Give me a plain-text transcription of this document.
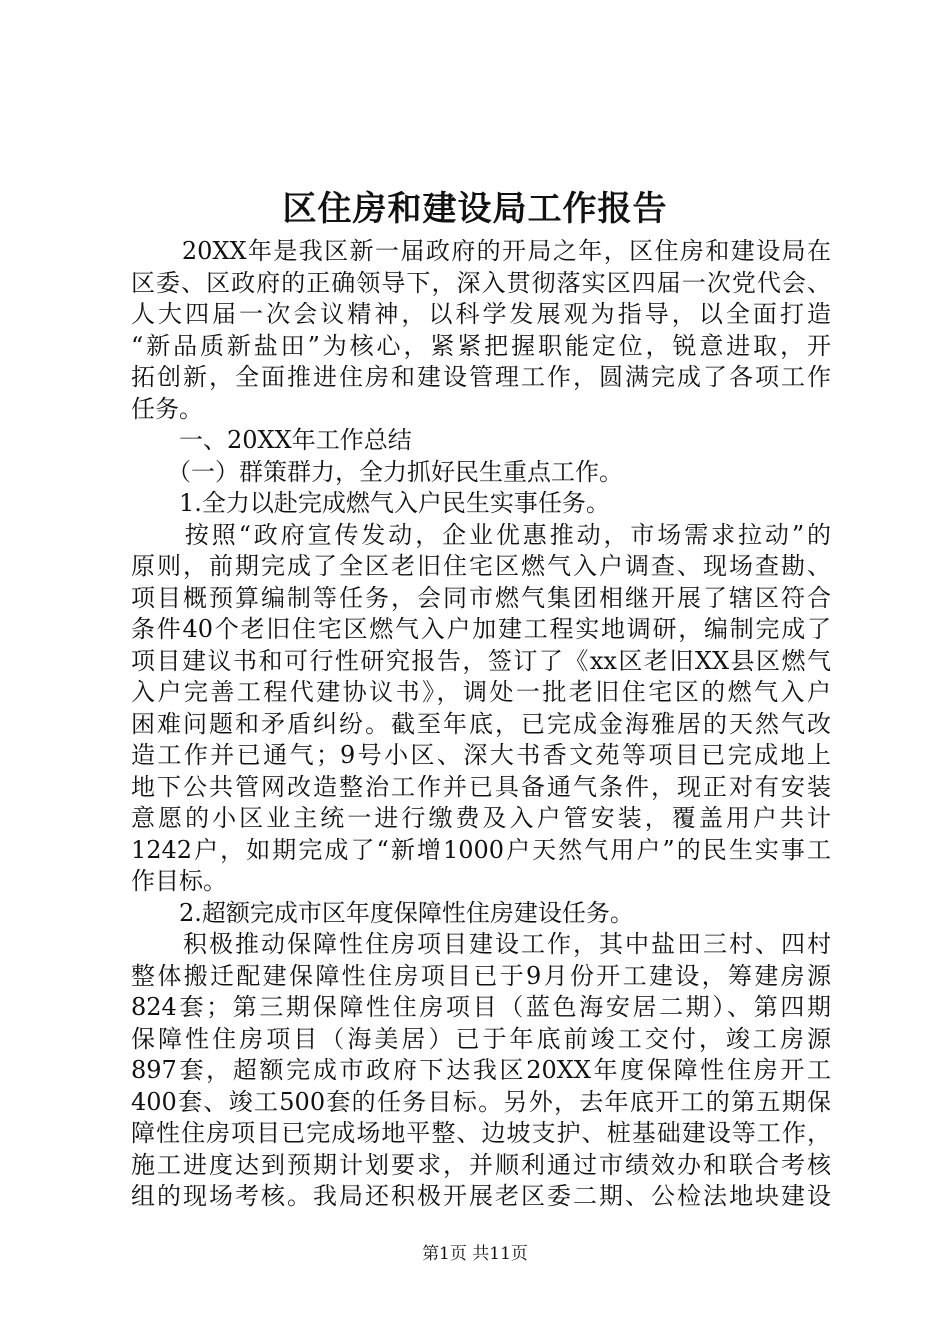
区住房和建设局工作报告
　　20XX年是我区新一届政府的开局之年，区住房和建设局在
区委、区政府的正确领导下，深入贯彻落实区四届一次党代会、
人大四届一次会议精神，以科学发展观为指导，以全面打造
“新品质新盐田”为核心，紧紧把握职能定位，锐意进取，开
拓创新，全面推进住房和建设管理工作，圆满完成了各项工作
任务。
　　一、20XX年工作总结
　　（一）群策群力，全力抓好民生重点工作。
　　1.全力以赴完成燃气入户民生实事任务。
　　按照“政府宣传发动，企业优惠推动，市场需求拉动”的
原则，前期完成了全区老旧住宅区燃气入户调查、现场查勘、
项目概预算编制等任务，会同市燃气集团相继开展了辖区符合
条件40个老旧住宅区燃气入户加建工程实地调研，编制完成了
项目建议书和可行性研究报告，签订了《xx区老旧XX县区燃气
入户完善工程代建协议书》，调处一批老旧住宅区的燃气入户
困难问题和矛盾纠纷。截至年底，已完成金海雅居的天然气改
造工作并已通气；9号小区、深大书香文苑等项目已完成地上
地下公共管网改造整治工作并已具备通气条件，现正对有安装
意愿的小区业主统一进行缴费及入户管安装，覆盖用户共计
1242户，如期完成了“新增1000户天然气用户”的民生实事工
作目标。
　　2.超额完成市区年度保障性住房建设任务。
　　积极推动保障性住房项目建设工作，其中盐田三村、四村
整体搬迁配建保障性住房项目已于9月份开工建设，筹建房源
824套；第三期保障性住房项目（蓝色海安居二期）、第四期
保障性住房项目（海美居）已于年底前竣工交付，竣工房源
897套，超额完成市政府下达我区20XX年度保障性住房开工
400套、竣工500套的任务目标。另外，去年底开工的第五期保
障性住房项目已完成场地平整、边坡支护、桩基础建设等工作，
施工进度达到预期计划要求，并顺利通过市绩效办和联合考核
组的现场考核。我局还积极开展老区委二期、公检法地块建设
第1页 共11页
